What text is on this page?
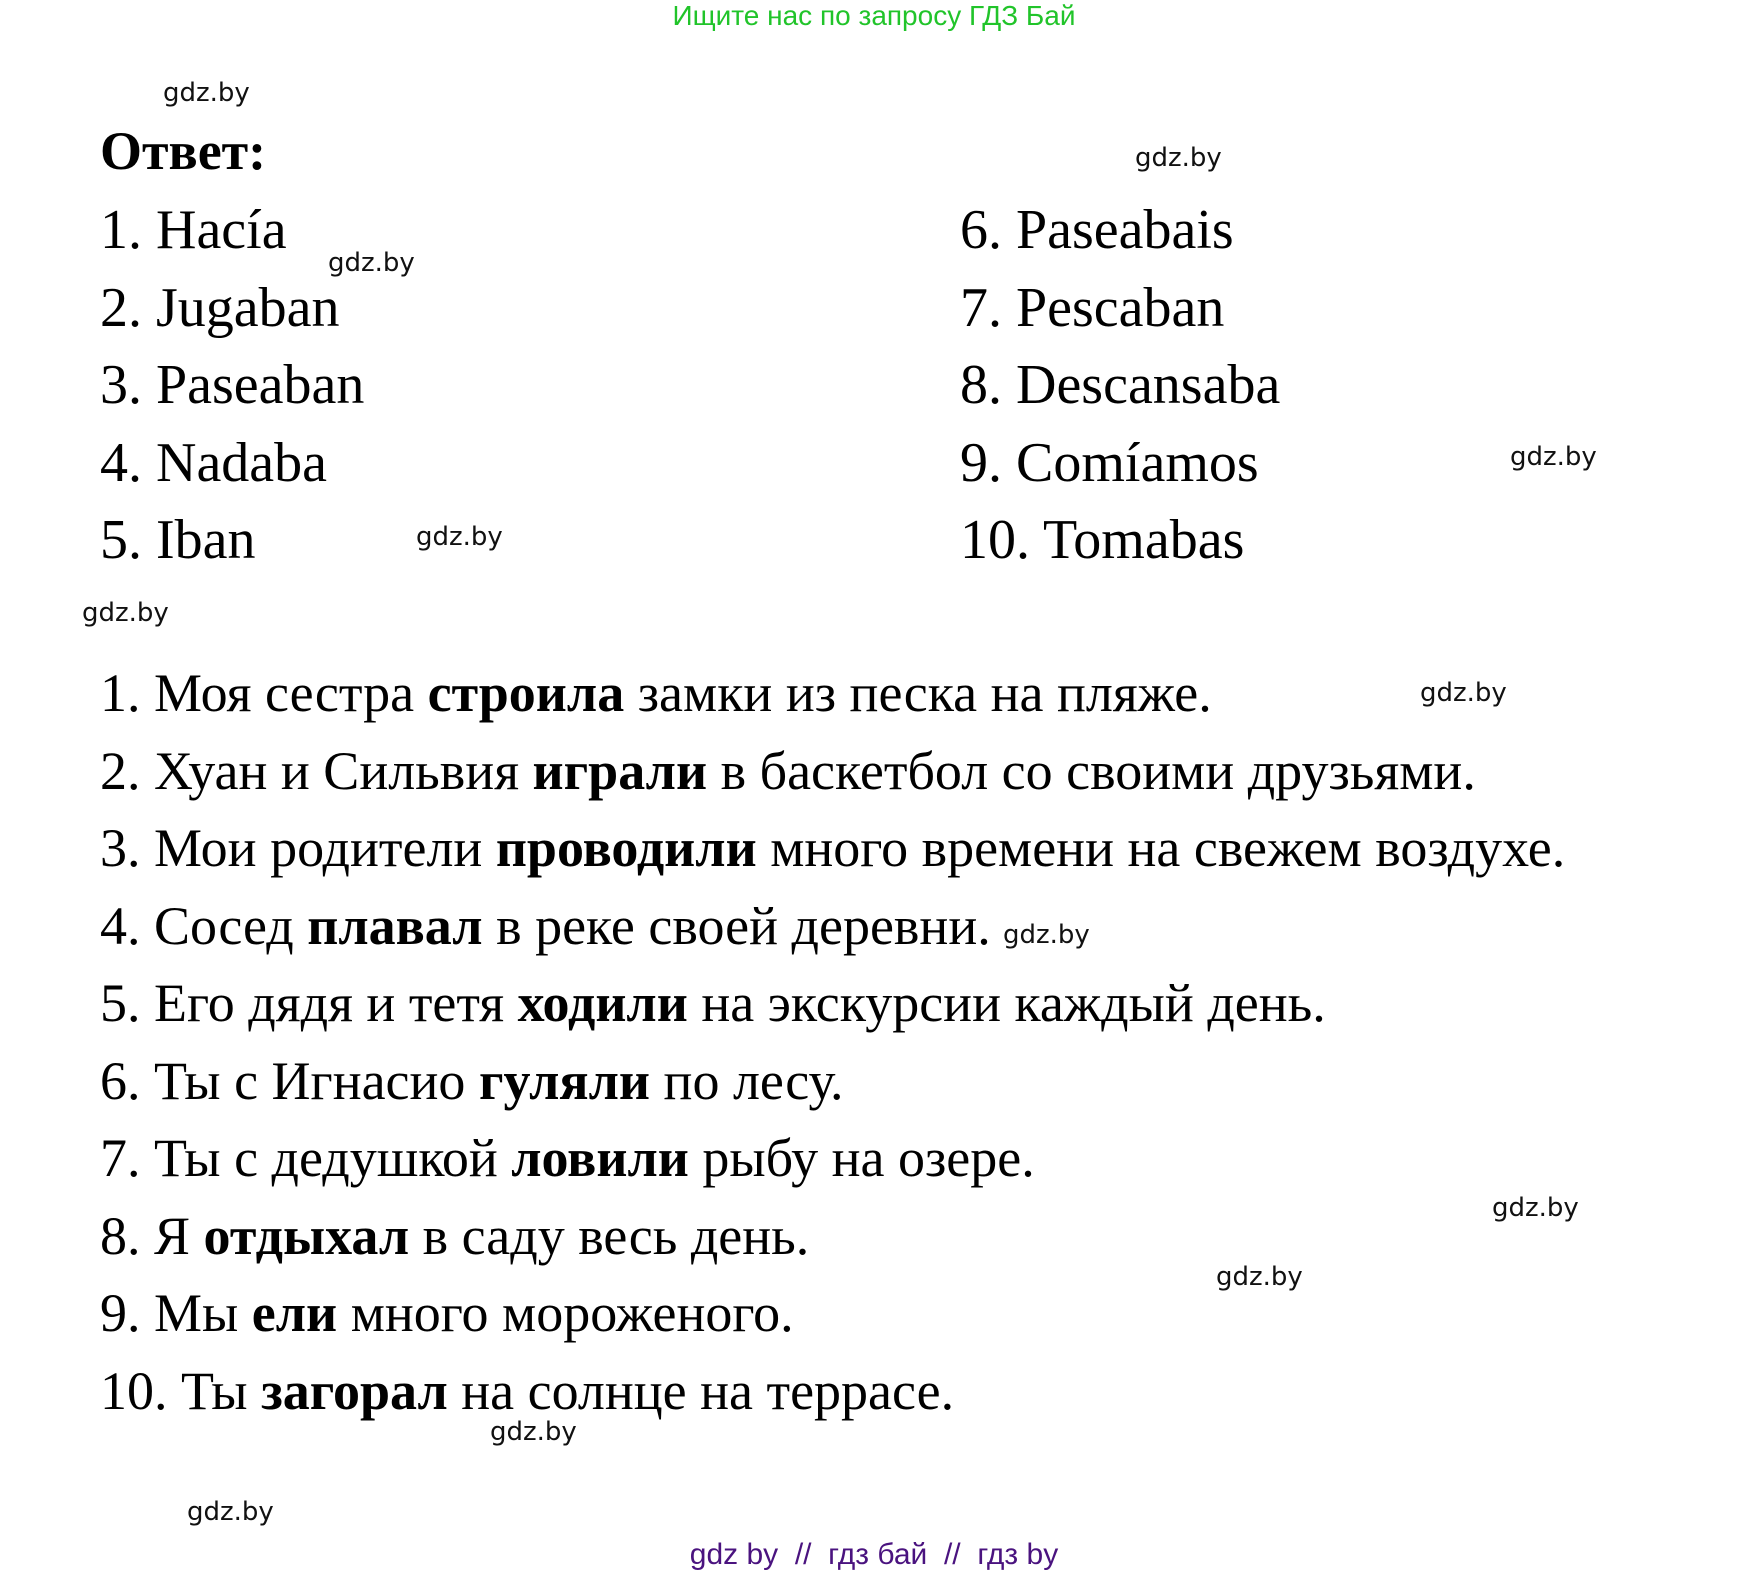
Ищите нас по запросу ГДЗ Бай
gdz.by
gdz.by
gdz.by
gdz.by
gdz.by
gdz.by
gdz.by
gdz.by
gdz.by
gdz.by
gdz.by
gdz.by
Ответ:
1. Hacía
2. Jugaban
3. Paseaban
4. Nadaba
5. Iban
6. Paseabais
7. Pescaban
8. Descansaba
9. Comíamos
10. Tomabas
1. Моя сестра строила замки из песка на пляже.
2. Хуан и Сильвия играли в баскетбол со своими друзьями.
3. Мои родители проводили много времени на свежем воздухе.
4. Сосед плавал в реке своей деревни.
5. Его дядя и тетя ходили на экскурсии каждый день.
6. Ты с Игнасио гуляли по лесу.
7. Ты с дедушкой ловили рыбу на озере.
8. Я отдыхал в саду весь день.
9. Мы ели много мороженого.
10. Ты загорал на солнце на террасе.
gdz by  //  гдз бай  //  гдз by
